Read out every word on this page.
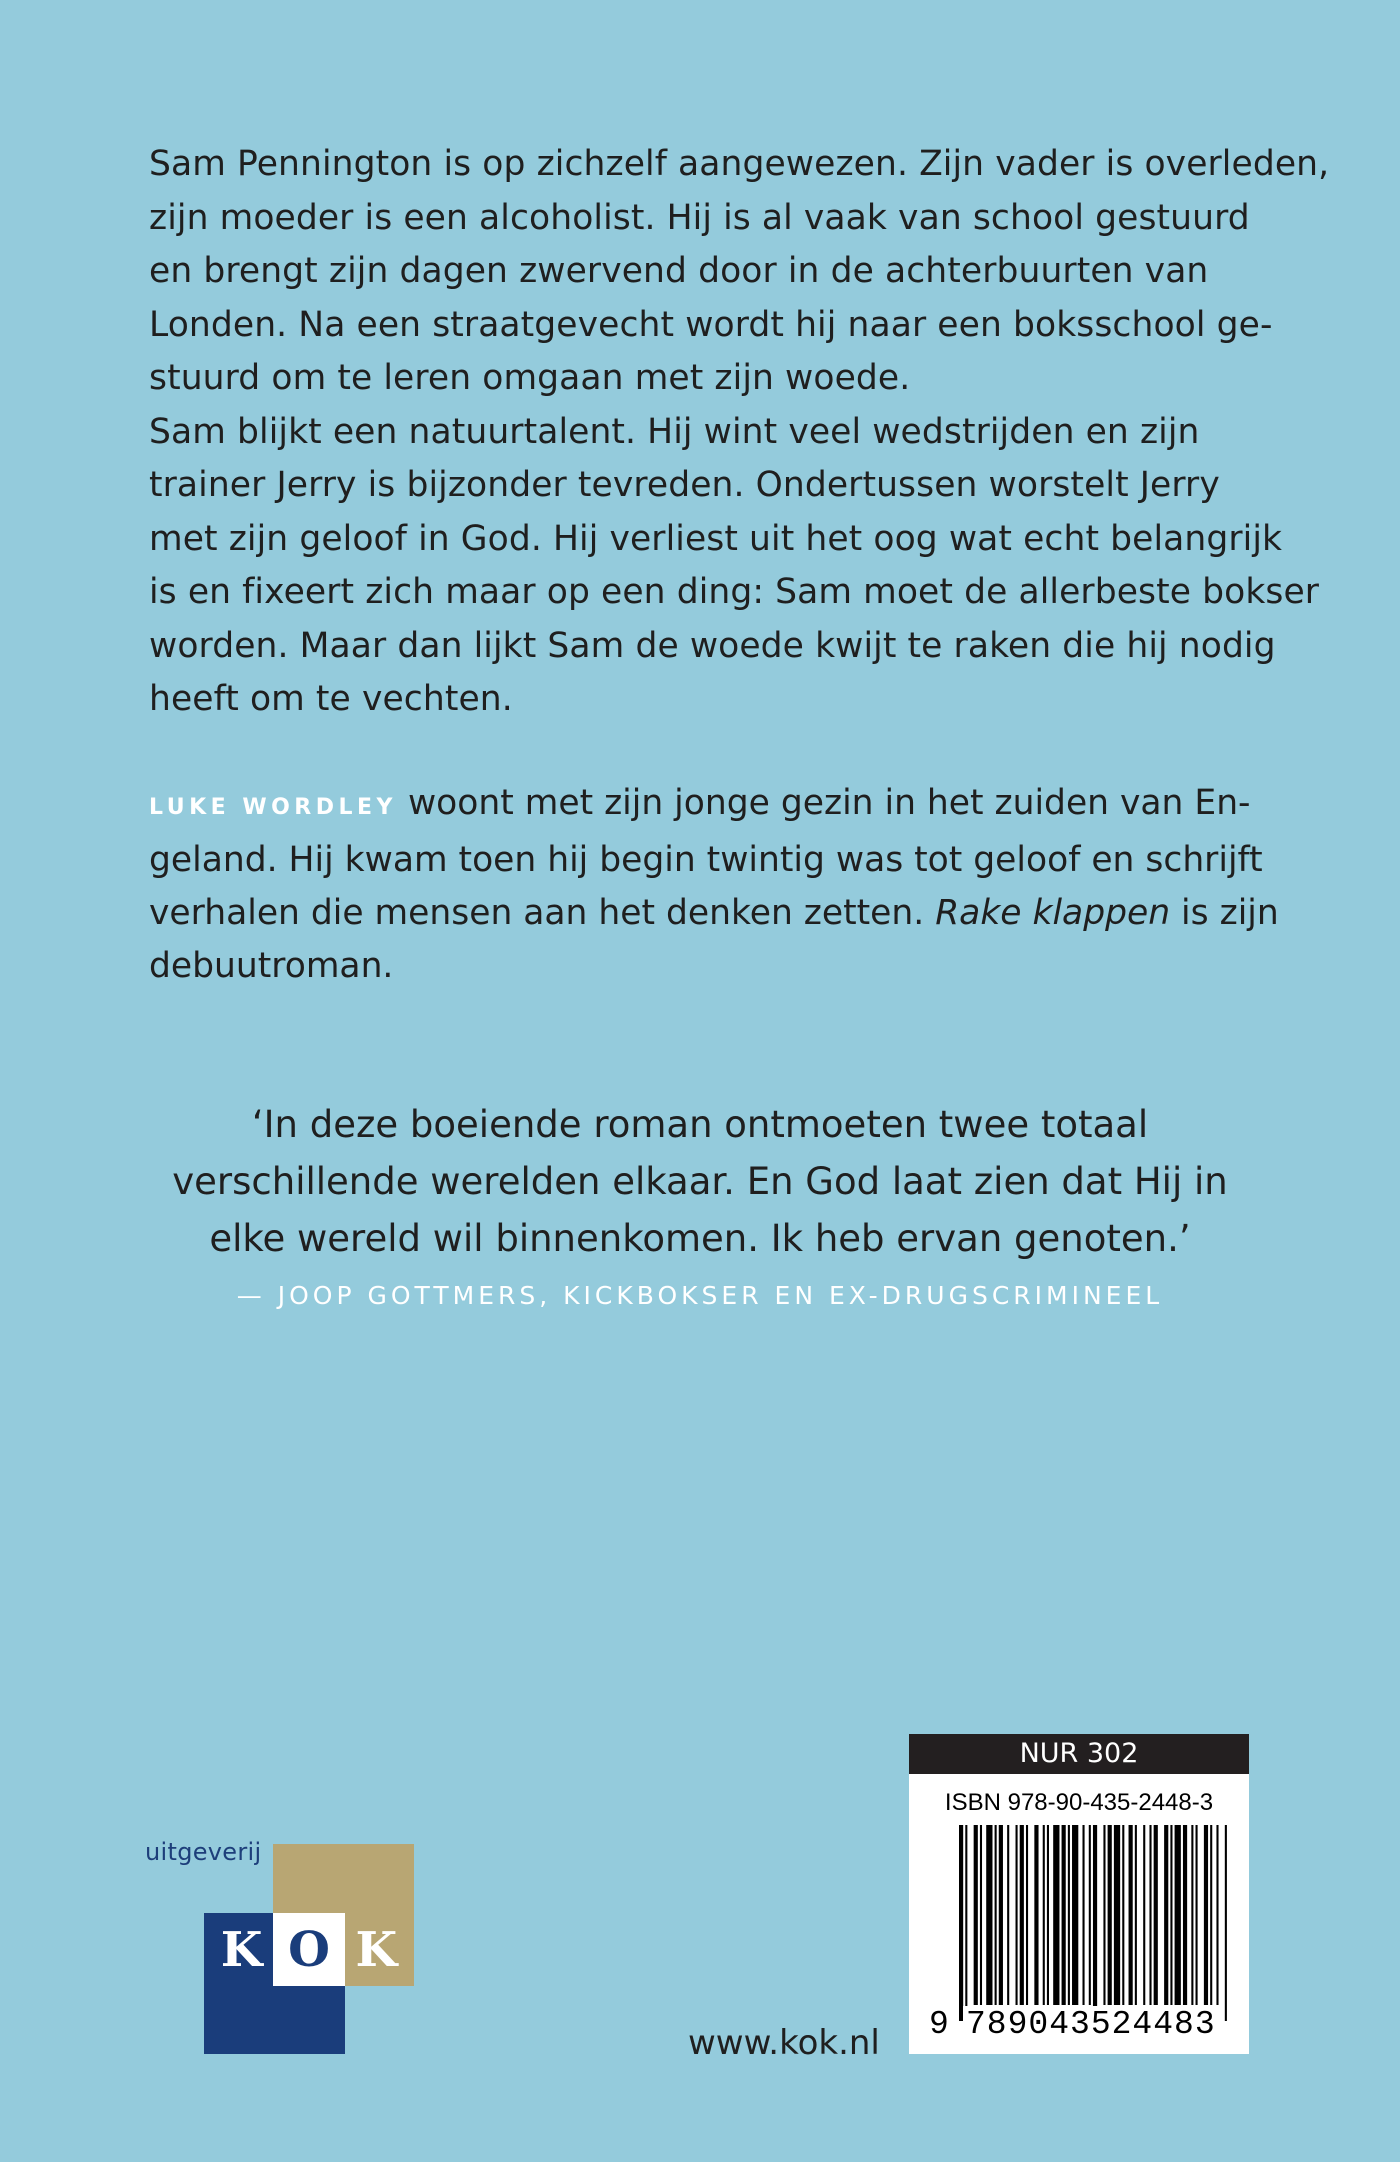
Sam Pennington is op zichzelf aangewezen. Zijn vader is overleden,
zijn moeder is een alcoholist. Hij is al vaak van school gestuurd
en brengt zijn dagen zwervend door in de achterbuurten van
Londen. Na een straatgevecht wordt hij naar een boksschool ge-
stuurd om te leren omgaan met zijn woede.
Sam blijkt een natuurtalent. Hij wint veel wedstrijden en zijn
trainer Jerry is bijzonder tevreden. Ondertussen worstelt Jerry
met zijn geloof in God. Hij verliest uit het oog wat echt belangrijk
is en fixeert zich maar op een ding: Sam moet de allerbeste bokser
worden. Maar dan lijkt Sam de woede kwijt te raken die hij nodig
heeft om te vechten.
LUKE WORDLEY woont met zijn jonge gezin in het zuiden van En-
geland. Hij kwam toen hij begin twintig was tot geloof en schrijft
verhalen die mensen aan het denken zetten. Rake klappen is zijn
debuutroman.
‘In deze boeiende roman ontmoeten twee totaal
verschillende werelden elkaar. En God laat zien dat Hij in
elke wereld wil binnenkomen. Ik heb ervan genoten.’
— JOOP GOTTMERS, KICKBOKSER EN EX-DRUGSCRIMINEEL
uitgeverij
K O K
www.kok.nl
NUR 302
ISBN 978-90-435-2448-3
9 789043524483
